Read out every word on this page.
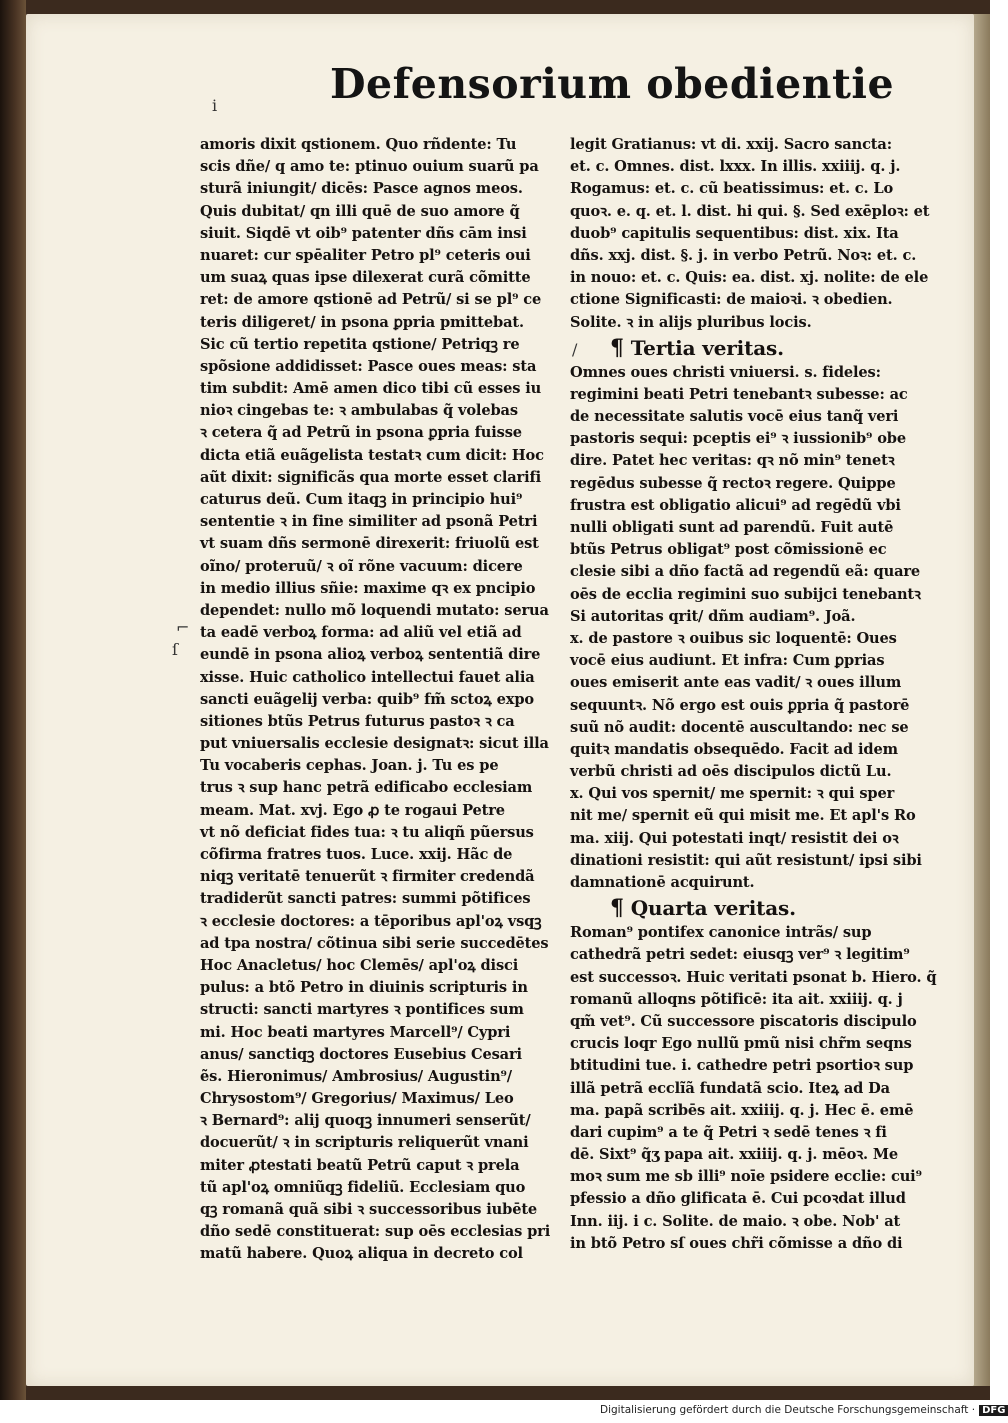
i	Defensorium obedientie
amoris dixit qstionem. Quo rñdente: Tu
scis dñe/ q amo te: ptinuo ouium suarũ pa
sturã iniungit/ dicēs: Pasce agnos meos.
Quis dubitat/ qn illi quē de suo amore q̃
siuit. Siqdē vt oib⁹ patenter dñs cām insi
nuaret: cur spēaliter Petro pl⁹ ceteris oui
um suaꝝ quas ipse dilexerat curã cõmitte
ret: de amore qstionē ad Petrũ/ si se pl⁹ ce
teris diligeret/ in psona ꝑpria pmittebat.
Sic cũ tertio repetita qstione/ Petriqꝫ re
spõsione addidisset: Pasce oues meas: sta
tim subdit: Amē amen dico tibi cũ esses iu
nioꝛ cingebas te: ꝛ ambulabas q̃ volebas
ꝛ cetera q̃ ad Petrũ in psona ꝑpria fuisse
dicta etiã euãgelista testatꝛ cum dicit: Hoc
aũt dixit: significãs qua morte esset clarifi
caturus deũ. Cum itaqꝫ in principio hui⁹
sententie ꝛ in fine similiter ad psonã Petri
vt suam dñs sermonē direxerit: friuolũ est
oĩno/ proteruũ/ ꝛ oĩ rõne vacuum: dicere
in medio illius sñie: maxime qꝛ ex pncipio
dependet: nullo mõ loquendi mutato: serua
ta eadē verboꝝ forma: ad aliũ vel etiã ad
eundē in psona alioꝝ verboꝝ sententiã dire
xisse. Huic catholico intellectui fauet alia
sancti euãgelij verba: quib⁹ fm̃ sctoꝝ expo
sitiones btũs Petrus futurus pastoꝛ ꝛ ca
put vniuersalis ecclesie designatꝛ: sicut illa
Tu vocaberis cephas. Joan. j. Tu es pe
trus ꝛ sup hanc petrã edificabo ecclesiam
meam. Mat. xvj. Ego ꝓ te rogaui Petre
vt nõ deficiat fides tua: ꝛ tu aliqñ pũersus
cõfirma fratres tuos. Luce. xxij. Hãc de
niqꝫ veritatē tenuerũt ꝛ firmiter credendã
tradiderũt sancti patres: summi põtifices
ꝛ ecclesie doctores: a tēporibus apl'oꝝ vsqꝫ
ad tpa nostra/ cõtinua sibi serie succedētes
Hoc Anacletus/ hoc Clemēs/ apl'oꝝ disci
pulus: a btõ Petro in diuinis scripturis in
structi: sancti martyres ꝛ pontifices sum
mi. Hoc beati martyres Marcell⁹/ Cypri
anus/ sanctiqꝫ doctores Eusebius Cesari
ẽs. Hieronimus/ Ambrosius/ Augustin⁹/
Chrysostom⁹/ Gregorius/ Maximus/ Leo
ꝛ Bernard⁹: alij quoqꝫ innumeri senserũt/
docuerũt/ ꝛ in scripturis reliquerũt vnani
miter ꝓtestati beatũ Petrũ caput ꝛ prela
tũ apl'oꝝ omniũqꝫ fideliũ. Ecclesiam quo
qꝫ romanã quã sibi ꝛ successoribus iubēte
dño sedē constituerat: sup oēs ecclesias pri
matũ habere. Quoꝝ aliqua in decreto col
legit Gratianus: vt di. xxij. Sacro sancta:
et. c. Omnes. dist. lxxx. In illis. xxiiij. q. j.
Rogamus: et. c. cũ beatissimus: et. c. Lo
quoꝛ. e. q. et. l. dist. hi qui. §. Sed exēploꝛ: et
duob⁹ capitulis sequentibus: dist. xix. Ita
dñs. xxj. dist. §. j. in verbo Petrũ. Noꝛ: et. c.
in nouo: et. c. Quis: ea. dist. xj. nolite: de ele
ctione Significasti: de maioꝛi. ꝛ obedien.
Solite. ꝛ in alijs pluribus locis.
¶ Tertia veritas.
Omnes oues christi vniuersi. s. fideles:
regimini beati Petri tenebantꝛ subesse: ac
de necessitate salutis vocē eius tanq̃ veri
pastoris sequi: pceptis ei⁹ ꝛ iussionib⁹ obe
dire. Patet hec veritas: qꝛ nõ min⁹ tenetꝛ
regēdus subesse q̃ rectoꝛ regere. Quippe
frustra est obligatio alicui⁹ ad regēdũ vbi
nulli obligati sunt ad parendũ. Fuit autē
btũs Petrus obligat⁹ post cõmissionē ec
clesie sibi a dño factã ad regendũ eã: quare
oēs de ecclia regimini suo subijci tenebantꝛ
Si autoritas qrit/ dñm audiam⁹. Joã.
x. de pastore ꝛ ouibus sic loquentē: Oues
vocē eius audiunt. Et infra: Cum ꝑprias
oues emiserit ante eas vadit/ ꝛ oues illum
sequuntꝛ. Nõ ergo est ouis ꝑpria q̃ pastorē
suũ nõ audit: docentē auscultando: nec se
quitꝛ mandatis obsequēdo. Facit ad idem
verbũ christi ad oēs discipulos dictũ Lu.
x. Qui vos spernit/ me spernit: ꝛ qui sper
nit me/ spernit eũ qui misit me. Et apl's Ro
ma. xiij. Qui potestati inqt/ resistit dei oꝛ
dinationi resistit: qui aũt resistunt/ ipsi sibi
damnationē acquirunt.
¶ Quarta veritas.
Roman⁹ pontifex canonice intrãs/ sup
cathedrã petri sedet: eiusqꝫ ver⁹ ꝛ legitim⁹
est successoꝛ. Huic veritati psonat b. Hiero. q̃
romanũ alloqns põtificē: ita ait. xxiiij. q. j
qm̃ vet⁹. Cũ successore piscatoris discipulo
crucis loqr Ego nullũ pmũ nisi chr̃m seqns
btitudini tue. i. cathedre petri psortioꝛ sup
illã petrã ecclĩã fundatã scio. Iteꝝ ad Da
ma. papã scribēs ait. xxiiij. q. j. Hec ē. emē
dari cupim⁹ a te q̃ Petri ꝛ sedē tenes ꝛ fi
dē. Sixt⁹ q̃ʒ papa ait. xxiiij. q. j. mēoꝛ. Me
moꝛ sum me sb illi⁹ noīe psidere ecclie: cui⁹
pfessio a dño glificata ē. Cui pcoꝛdat illud
Inn. iij. i c. Solite. de maio. ꝛ obe. Nob' at
in btõ Petro sſ oues chr̃i cõmisse a dño di
⌐
ſ
/
Digitalisierung gefördert durch die Deutsche Forschungsgemeinschaft · DFG
